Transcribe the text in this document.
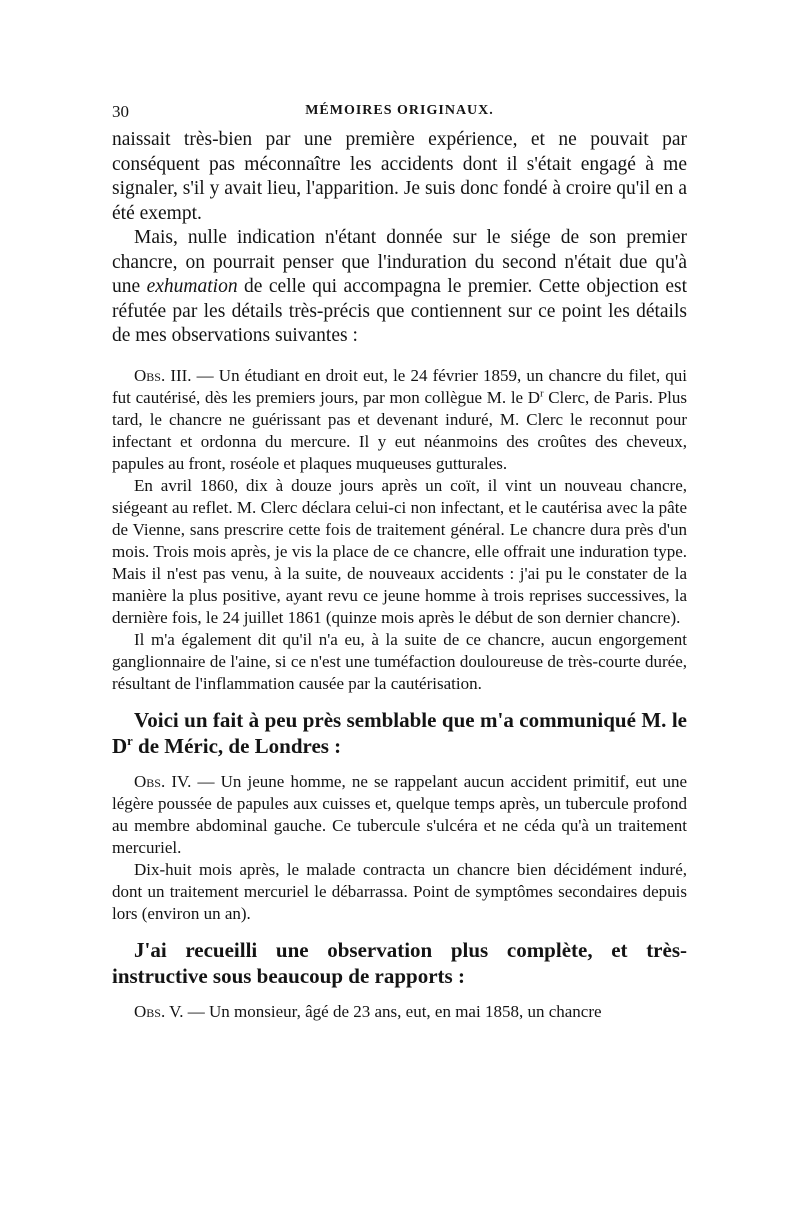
30	MÉMOIRES ORIGINAUX.

naissait très-bien par une première expérience, et ne pouvait par conséquent pas méconnaître les accidents dont il s'était engagé à me signaler, s'il y avait lieu, l'apparition. Je suis donc fondé à croire qu'il en a été exempt.

Mais, nulle indication n'étant donnée sur le siége de son premier chancre, on pourrait penser que l'induration du second n'était due qu'à une exhumation de celle qui accompagna le premier. Cette objection est réfutée par les détails très-précis que contiennent sur ce point les détails de mes observations suivantes :

Obs. III. — Un étudiant en droit eut, le 24 février 1859, un chancre du filet, qui fut cautérisé, dès les premiers jours, par mon collègue M. le $D^r$ Clerc, de Paris. Plus tard, le chancre ne guérissant pas et devenant induré, M. Clerc le reconnut pour infectant et ordonna du mercure. Il y eut néanmoins des croûtes des cheveux, papules au front, roséole et plaques muqueuses gutturales.

En avril 1860, dix à douze jours après un coït, il vint un nouveau chancre, siégeant au reflet. M. Clerc déclara celui-ci non infectant, et le cautérisa avec la pâte de Vienne, sans prescrire cette fois de traitement général. Le chancre dura près d'un mois. Trois mois après, je vis la place de ce chancre, elle offrait une induration type. Mais il n'est pas venu, à la suite, de nouveaux accidents : j'ai pu le constater de la manière la plus positive, ayant revu ce jeune homme à trois reprises successives, la dernière fois, le 24 juillet 1861 (quinze mois après le début de son dernier chancre).

Il m'a également dit qu'il n'a eu, à la suite de ce chancre, aucun engorgement ganglionnaire de l'aine, si ce n'est une tuméfaction douloureuse de très-courte durée, résultant de l'inflammation causée par la cautérisation.

Voici un fait à peu près semblable que m'a communiqué M. le $D^r$ de Méric, de Londres :

Obs. IV. — Un jeune homme, ne se rappelant aucun accident primitif, eut une légère poussée de papules aux cuisses et, quelque temps après, un tubercule profond au membre abdominal gauche. Ce tubercule s'ulcéra et ne céda qu'à un traitement mercuriel.

Dix-huit mois après, le malade contracta un chancre bien décidément induré, dont un traitement mercuriel le débarrassa. Point de symptômes secondaires depuis lors (environ un an).

J'ai recueilli une observation plus complète, et très-instructive sous beaucoup de rapports :

Obs. V. — Un monsieur, âgé de 23 ans, eut, en mai 1858, un chancre
